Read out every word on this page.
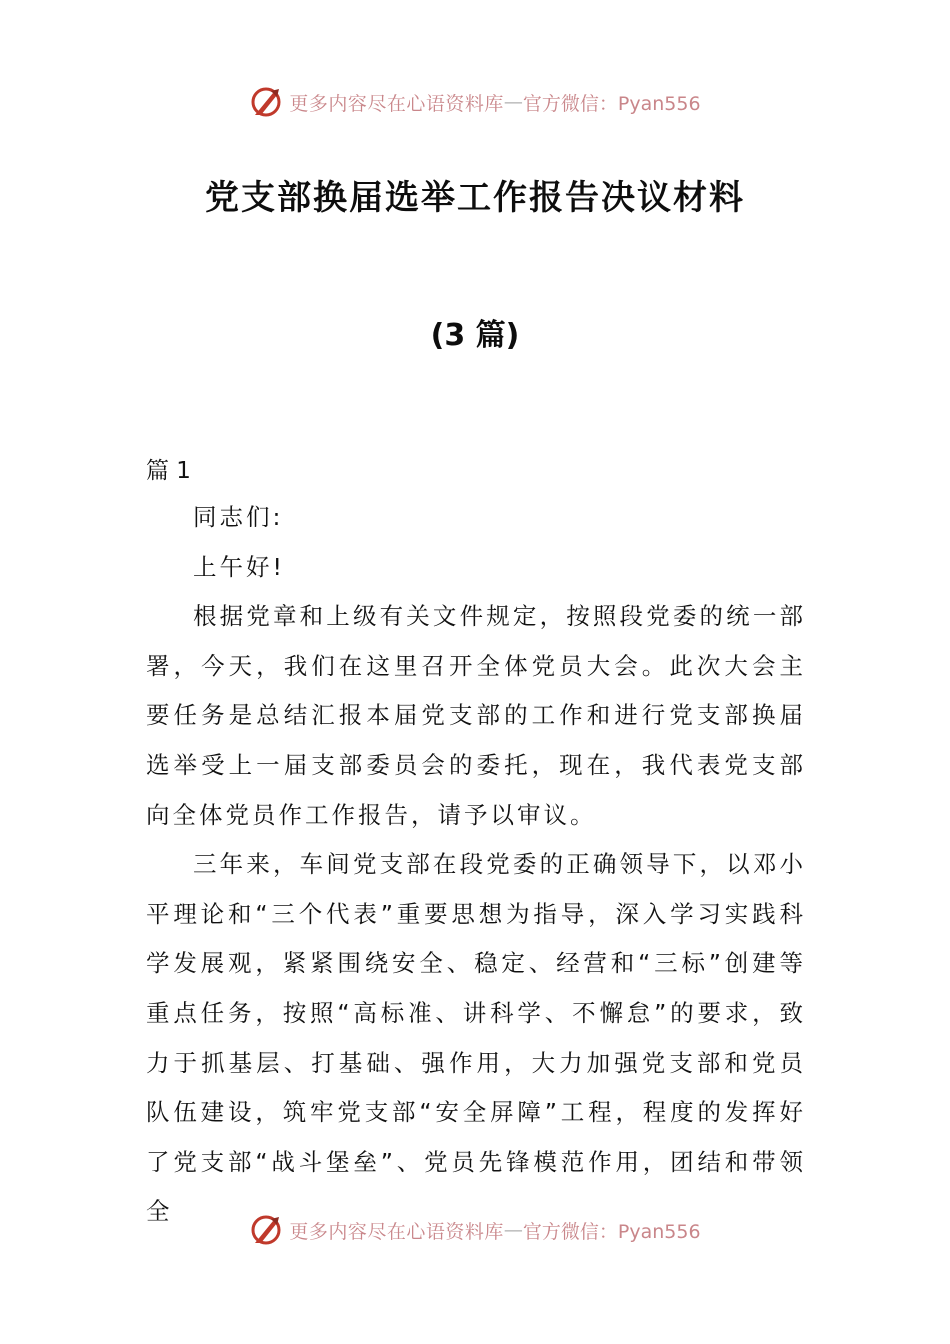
更多内容尽在心语资料库 — 官方微信：Pyan556
党支部换届选举工作报告决议材料
(3 篇)
篇 1

同志们:

上午好!

根据党章和上级有关文件规定，按照段党委的统一部署，今天，我们在这里召开全体党员大会。此次大会主要任务是总结汇报本届党支部的工作和进行党支部换届选举受上一届支部委员会的委托，现在，我代表党支部向全体党员作工作报告，请予以审议。

三年来，车间党支部在段党委的正确领导下，以邓小平理论和“三个代表”重要思想为指导，深入学习实践科学发展观，紧紧围绕安全、稳定、经营和“三标”创建等重点任务，按照“高标准、讲科学、不懈怠”的要求，致力于抓基层、打基础、强作用，大力加强党支部和党员队伍建设，筑牢党支部“安全屏障”工程，程度的发挥好了党支部“战斗堡垒”、党员先锋模范作用，团结和带领全

更多内容尽在心语资料库 — 官方微信：Pyan556
